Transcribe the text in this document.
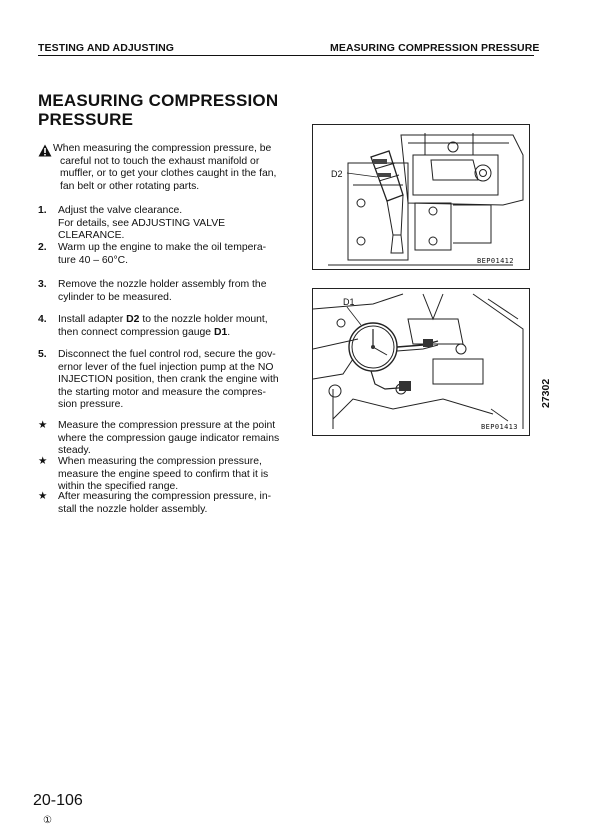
TESTING AND ADJUSTING	MEASURING COMPRESSION PRESSURE
MEASURING COMPRESSION
PRESSURE
When measuring the compression pressure, be
careful not to touch the exhaust manifold or
muffler, or to get your clothes caught in the fan,
fan belt or other rotating parts.
1. Adjust the valve clearance.
For details, see ADJUSTING VALVE CLEARANCE.
2. Warm up the engine to make the oil tempera-
ture 40 – 60°C.
3. Remove the nozzle holder assembly from the
cylinder to be measured.
4. Install adapter D2 to the nozzle holder mount,
then connect compression gauge D1.
5. Disconnect the fuel control rod, secure the gov-
ernor lever of the fuel injection pump at the NO
INJECTION position, then crank the engine with
the starting motor and measure the compres-
sion pressure.
★ Measure the compression pressure at the point
where the compression gauge indicator remains
steady.
★ When measuring the compression pressure,
measure the engine speed to confirm that it is
within the specified range.
★ After measuring the compression pressure, in-
stall the nozzle holder assembly.
D2
BEP01412
D1
BEP01413
27302
20-106
①
